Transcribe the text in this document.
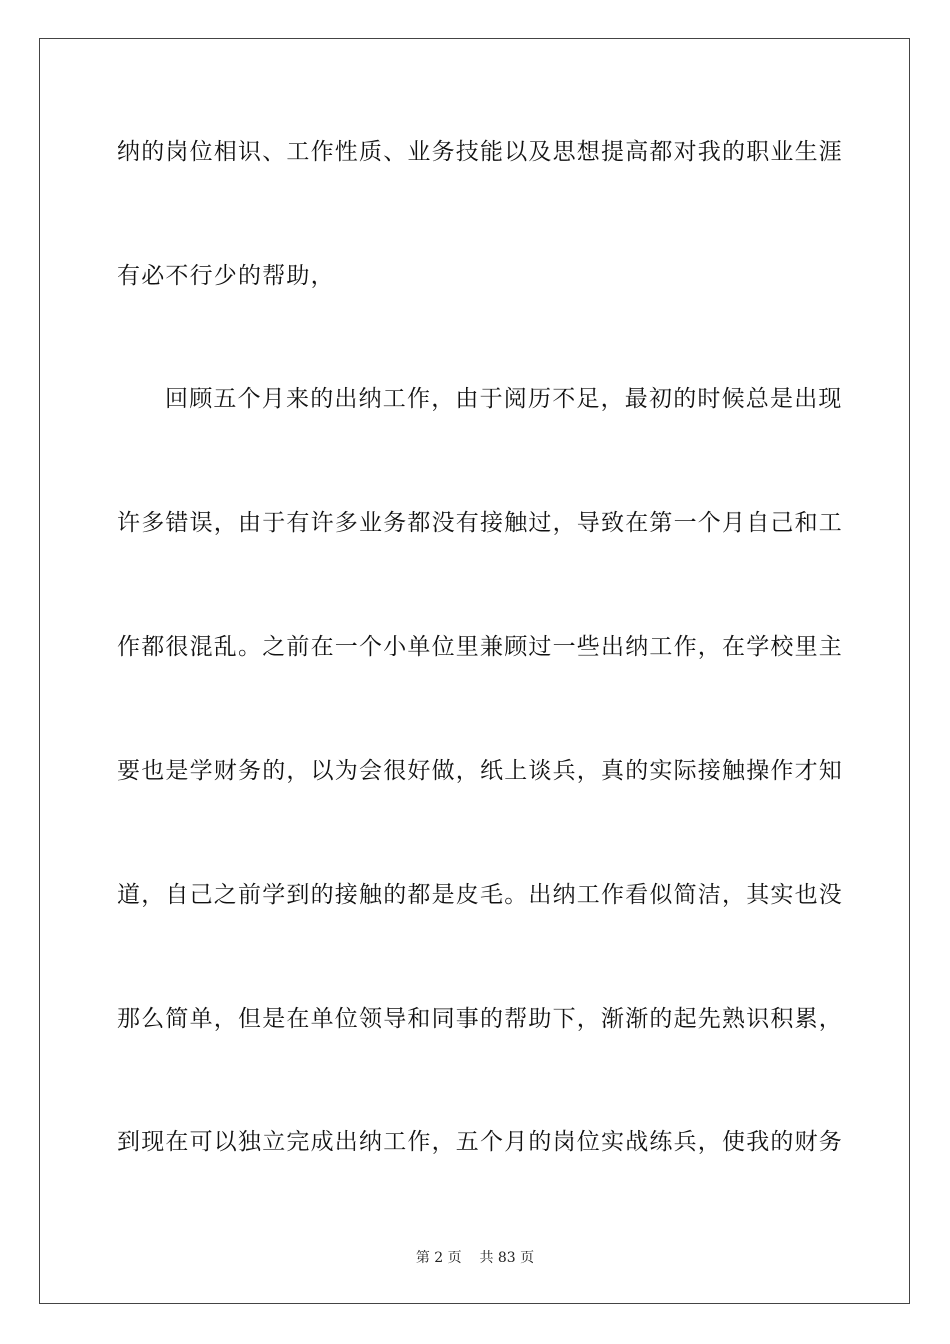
纳的岗位相识、工作性质、业务技能以及思想提高都对我的职业生涯
有必不行少的帮助，
回顾五个月来的出纳工作，由于阅历不足，最初的时候总是出现
许多错误，由于有许多业务都没有接触过，导致在第一个月自己和工
作都很混乱。之前在一个小单位里兼顾过一些出纳工作，在学校里主
要也是学财务的，以为会很好做，纸上谈兵，真的实际接触操作才知
道，自己之前学到的接触的都是皮毛。出纳工作看似简洁，其实也没
那么简单，但是在单位领导和同事的帮助下，渐渐的起先熟识积累，
到现在可以独立完成出纳工作，五个月的岗位实战练兵，使我的财务
第 2 页 共 83 页
